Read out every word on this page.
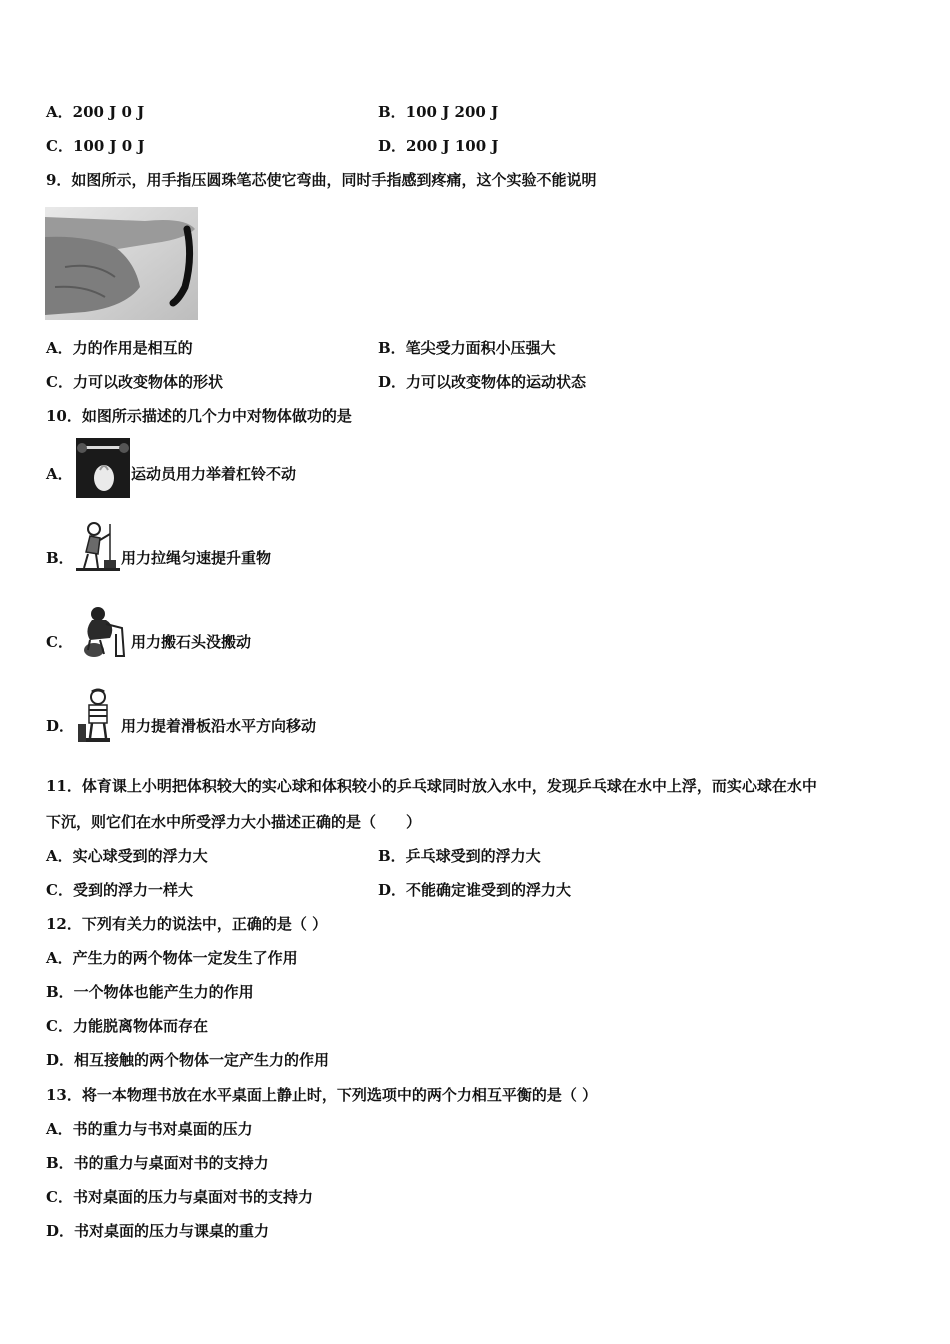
A．200 J 0 J	B．100 J 200 J
C．100 J 0 J	D．200 J 100 J
9．如图所示，用手指压圆珠笔芯使它弯曲，同时手指感到疼痛，这个实验不能说明
A．力的作用是相互的	B．笔尖受力面积小压强大
C．力可以改变物体的形状	D．力可以改变物体的运动状态
10．如图所示描述的几个力中对物体做功的是
A．	运动员用力举着杠铃不动
B．	用力拉绳匀速提升重物
C．	用力搬石头没搬动
D．	用力提着滑板沿水平方向移动
11．体育课上小明把体积较大的实心球和体积较小的乒乓球同时放入水中，发现乒乓球在水中上浮，而实心球在水中
下沉，则它们在水中所受浮力大小描述正确的是（　　）
A．实心球受到的浮力大	B．乒乓球受到的浮力大
C．受到的浮力一样大	D．不能确定谁受到的浮力大
12．下列有关力的说法中，正确的是（ ）
A．产生力的两个物体一定发生了作用
B．一个物体也能产生力的作用
C．力能脱离物体而存在
D．相互接触的两个物体一定产生力的作用
13．将一本物理书放在水平桌面上静止时，下列选项中的两个力相互平衡的是（ ）
A．书的重力与书对桌面的压力
B．书的重力与桌面对书的支持力
C．书对桌面的压力与桌面对书的支持力
D．书对桌面的压力与课桌的重力
